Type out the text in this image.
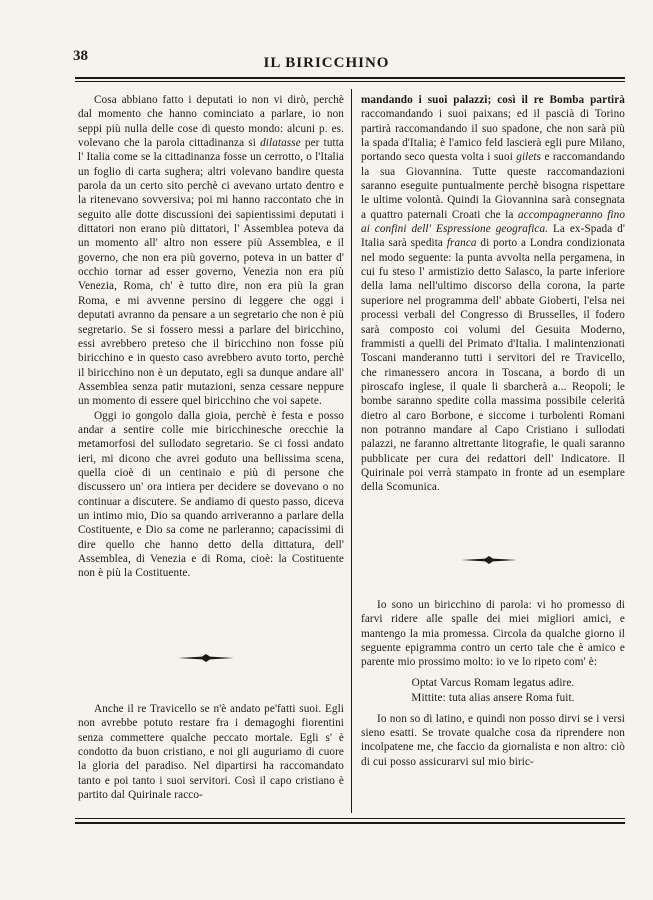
38	IL BIRICCHINO

Cosa abbiano fatto i deputati io non vi dirò, perchè dal momento che hanno cominciato a parlare, io non seppi più nulla delle cose di questo mondo: alcuni p. es. volevano che la parola cittadinanza si dilatasse per tutta l' Italia come se la cittadinanza fosse un cerrotto, o l'Italia un foglio di carta sughera; altri volevano bandire questa parola da un certo sito perchè ci avevano urtato dentro e la ritenevano sovversiva; poi mi hanno raccontato che in seguito alle dotte discussioni dei sapientissimi deputati i dittatori non erano più dittatori, l' Assemblea poteva da un momento all' altro non essere più Assemblea, e il governo, che non era più governo, poteva in un batter d' occhio tornar ad esser governo, Venezia non era più Venezia, Roma, ch' è tutto dire, non era più la gran Roma, e mi avvenne persino di leggere che oggi i deputati avranno da pensare a un segretario che non è più segretario. Se si fossero messi a parlare del biricchino, essi avrebbero preteso che il biricchino non fosse più biricchino e in questo caso avrebbero avuto torto, perchè il biricchino non è un deputato, egli sa dunque andare all' Assemblea senza patir mutazioni, senza cessare neppure un momento di essere quel biricchino che voi sapete.

Oggi io gongolo dalla gioia, perchè è festa e posso andar a sentire colle mie biricchinesche orecchie la metamorfosi del sullodato segretario. Se ci fossi andato ieri, mi dicono che avrei goduto una bellissima scena, quella cioè di un centinaio e più di persone che discussero un' ora intiera per decidere se dovevano o no continuar a discutere. Se andiamo di questo passo, diceva un intimo mio, Dio sa quando arriveranno a parlare della Costituente, e Dio sa come ne parleranno; capacissimi di dire quello che hanno detto della dittatura, dell' Assemblea, di Venezia e di Roma, cioè: la Costituente non è più la Costituente.

Anche il re Travicello se n'è andato pe'fatti suoi. Egli non avrebbe potuto restare fra i demagoghi fiorentini senza commettere qualche peccato mortale. Egli s' è condotto da buon cristiano, e noi gli auguriamo di cuore la gloria del paradiso. Nel dipartirsi ha raccomandato tanto e poi tanto i suoi servitori. Così il capo cristiano è partito dal Quirinale racco-

mandando i suoi palazzi; così il re Bomba partirà raccomandando i suoi paixans; ed il pascià di Torino partirà raccomandando il suo spadone, che non sarà più la spada d'Italia; è l'amico feld lascierà egli pure Milano, portando seco questa volta i suoi gilets e raccomandando la sua Giovannina. Tutte queste raccomandazioni saranno eseguite puntualmente perchè bisogna rispettare le ultime volontà. Quindi la Giovannina sarà consegnata a quattro paternali Croati che la accompagneranno fino ai confini dell' Espressione geografica. La ex-Spada d' Italia sarà spedita franca di porto a Londra condizionata nel modo seguente: la punta avvolta nella pergamena, in cui fu steso l' armistizio detto Salasco, la parte inferiore della lama nell'ultimo discorso della corona, la parte superiore nel programma dell' abbate Gioberti, l'elsa nei processi verbali del Congresso di Brusselles, il fodero sarà composto coi volumi del Gesuita Moderno, frammisti a quelli del Primato d'Italia. I malintenzionati Toscani manderanno tutti i servitori del re Travicello, che rimanessero ancora in Toscana, a bordo di un piroscafo inglese, il quale li sbarcherà a... Reopoli; le bombe saranno spedite colla massima possibile celerità dietro al caro Borbone, e siccome i turbolenti Romani non potranno mandare al Capo Cristiano i sullodati palazzi, ne faranno altrettante litografie, le quali saranno pubblicate per cura dei redattori dell' Indicatore. Il Quirinale poi verrà stampato in fronte ad un esemplare della Scomunica.

Io sono un biricchino di parola: vi ho promesso di farvi ridere alle spalle dei miei migliori amici, e mantengo la mia promessa. Circola da qualche giorno il seguente epigramma contro un certo tale che è amico e parente mio prossimo molto: io ve lo ripeto com' è:

Optat Varcus Romam legatus adire.
Mittite: tuta alias ansere Roma fuit.

Io non so di latino, e quindi non posso dirvi se i versi sieno esatti. Se trovate qualche cosa da riprendere non incolpatene me, che faccio da giornalista e non altro: ciò di cui posso assicurarvi sul mio biric-
